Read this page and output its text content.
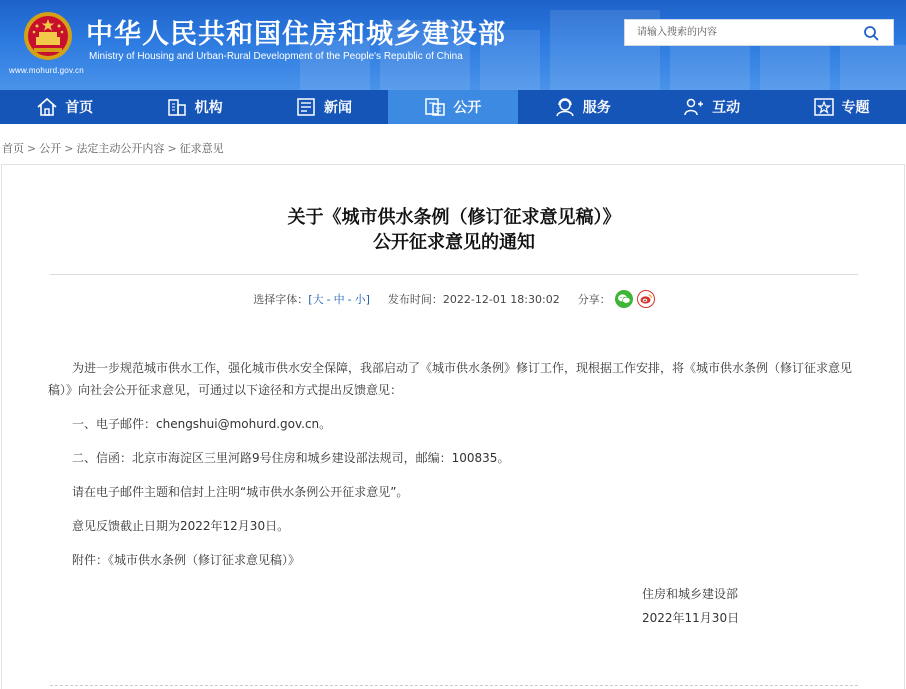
www.mohurd.gov.cn
中华人民共和国住房和城乡建设部
Ministry of Housing and Urban-Rural Development of the People's Republic of China
请输入搜索的内容
首页	机构	新闻	公开	服务	互动	专题
首页 > 公开 > 法定主动公开内容 > 征求意见
关于《城市供水条例（修订征求意见稿）》
公开征求意见的通知
选择字体：[大 - 中 - 小] 发布时间： 2022-12-01 18:30:02 分享：
为进一步规范城市供水工作，强化城市供水安全保障，我部启动了《城市供水条例》修订工作，现根据工作安排，将《城市供水条例（修订征求意见
稿）》向社会公开征求意见，可通过以下途径和方式提出反馈意见：
一、电子邮件：chengshui@mohurd.gov.cn。
二、信函：北京市海淀区三里河路9号住房和城乡建设部法规司，邮编：100835。
请在电子邮件主题和信封上注明“城市供水条例公开征求意见”。
意见反馈截止日期为2022年12月30日。
附件：《城市供水条例（修订征求意见稿）》
住房和城乡建设部
2022年11月30日
